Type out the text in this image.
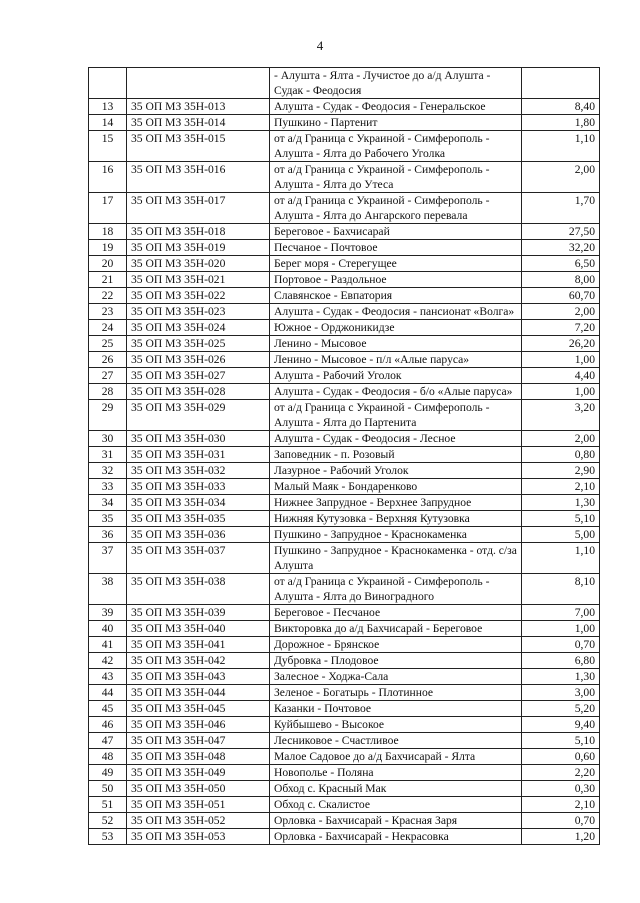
4
		- Алушта - Ялта - Лучистое до а/д Алушта - Судак - Феодосия	
13	35 ОП МЗ 35Н-013	Алушта - Судак - Феодосия - Генеральское	8,40
14	35 ОП МЗ 35Н-014	Пушкино - Партенит	1,80
15	35 ОП МЗ 35Н-015	от а/д Граница с Украиной - Симферополь - Алушта - Ялта до Рабочего Уголка	1,10
16	35 ОП МЗ 35Н-016	от а/д Граница с Украиной - Симферополь - Алушта - Ялта до Утеса	2,00
17	35 ОП МЗ 35Н-017	от а/д Граница с Украиной - Симферополь - Алушта - Ялта до Ангарского перевала	1,70
18	35 ОП МЗ 35Н-018	Береговое - Бахчисарай	27,50
19	35 ОП МЗ 35Н-019	Песчаное - Почтовое	32,20
20	35 ОП МЗ 35Н-020	Берег моря - Стерегущее	6,50
21	35 ОП МЗ 35Н-021	Портовое - Раздольное	8,00
22	35 ОП МЗ 35Н-022	Славянское - Евпатория	60,70
23	35 ОП МЗ 35Н-023	Алушта - Судак - Феодосия - пансионат «Волга»	2,00
24	35 ОП МЗ 35Н-024	Южное - Орджоникидзе	7,20
25	35 ОП МЗ 35Н-025	Ленино - Мысовое	26,20
26	35 ОП МЗ 35Н-026	Ленино - Мысовое - п/л «Алые паруса»	1,00
27	35 ОП МЗ 35Н-027	Алушта - Рабочий Уголок	4,40
28	35 ОП МЗ 35Н-028	Алушта - Судак - Феодосия - б/о «Алые паруса»	1,00
29	35 ОП МЗ 35Н-029	от а/д Граница с Украиной - Симферополь - Алушта - Ялта до Партенита	3,20
30	35 ОП МЗ 35Н-030	Алушта - Судак - Феодосия - Лесное	2,00
31	35 ОП МЗ 35Н-031	Заповедник - п. Розовый	0,80
32	35 ОП МЗ 35Н-032	Лазурное - Рабочий Уголок	2,90
33	35 ОП МЗ 35Н-033	Малый Маяк - Бондаренково	2,10
34	35 ОП МЗ 35Н-034	Нижнее Запрудное - Верхнее Запрудное	1,30
35	35 ОП МЗ 35Н-035	Нижняя Кутузовка - Верхняя Кутузовка	5,10
36	35 ОП МЗ 35Н-036	Пушкино - Запрудное - Краснокаменка	5,00
37	35 ОП МЗ 35Н-037	Пушкино - Запрудное - Краснокаменка - отд. с/за Алушта	1,10
38	35 ОП МЗ 35Н-038	от а/д Граница с Украиной - Симферополь - Алушта - Ялта до Виноградного	8,10
39	35 ОП МЗ 35Н-039	Береговое - Песчаное	7,00
40	35 ОП МЗ 35Н-040	Викторовка до а/д Бахчисарай - Береговое	1,00
41	35 ОП МЗ 35Н-041	Дорожное - Брянское	0,70
42	35 ОП МЗ 35Н-042	Дубровка - Плодовое	6,80
43	35 ОП МЗ 35Н-043	Залесное - Ходжа-Сала	1,30
44	35 ОП МЗ 35Н-044	Зеленое - Богатырь - Плотинное	3,00
45	35 ОП МЗ 35Н-045	Казанки - Почтовое	5,20
46	35 ОП МЗ 35Н-046	Куйбышево - Высокое	9,40
47	35 ОП МЗ 35Н-047	Лесниковое - Счастливое	5,10
48	35 ОП МЗ 35Н-048	Малое Садовое до а/д Бахчисарай - Ялта	0,60
49	35 ОП МЗ 35Н-049	Новополье - Поляна	2,20
50	35 ОП МЗ 35Н-050	Обход с. Красный Мак	0,30
51	35 ОП МЗ 35Н-051	Обход с. Скалистое	2,10
52	35 ОП МЗ 35Н-052	Орловка - Бахчисарай - Красная Заря	0,70
53	35 ОП МЗ 35Н-053	Орловка - Бахчисарай - Некрасовка	1,20
